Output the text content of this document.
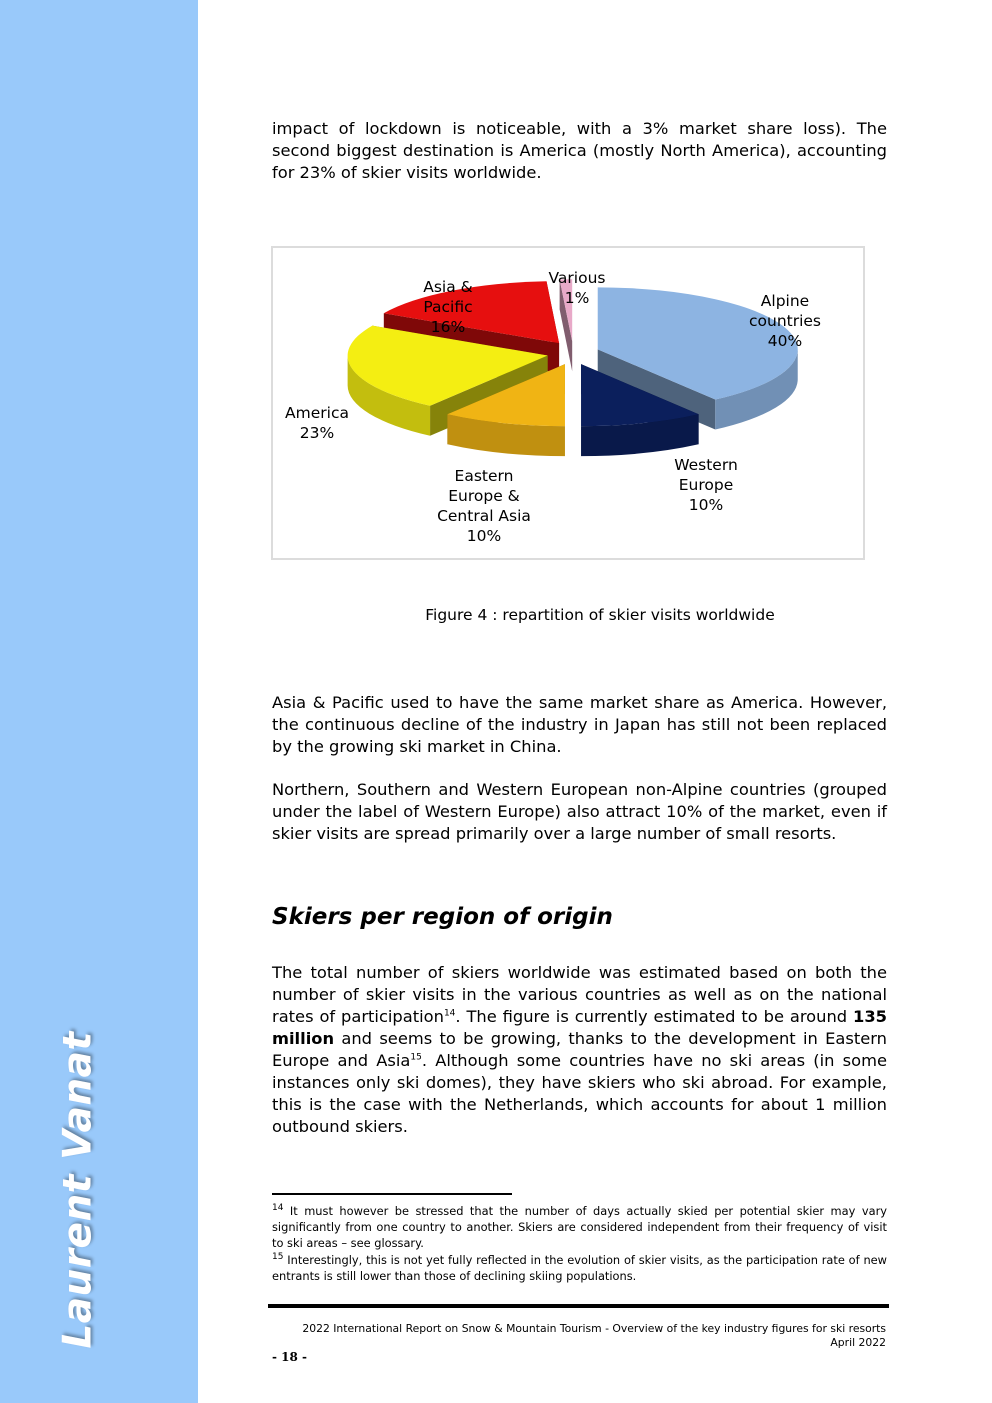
Laurent Vanat

impact of lockdown is noticeable, with a 3% market share loss). The second biggest destination is America (mostly North America), accounting for 23% of skier visits worldwide.

Alpine countries 40%
Western Europe 10%
Eastern Europe & Central Asia 10%
America 23%
Asia & Pacific 16%
Various 1%
Figure 4 : repartition of skier visits worldwide

Asia & Pacific used to have the same market share as America. However, the continuous decline of the industry in Japan has still not been replaced by the growing ski market in China.

Northern, Southern and Western European non-Alpine countries (grouped under the label of Western Europe) also attract 10% of the market, even if skier visits are spread primarily over a large number of small resorts.

Skiers per region of origin

The total number of skiers worldwide was estimated based on both the number of skier visits in the various countries as well as on the national rates of participation$^{14}$. The figure is currently estimated to be around 135 million and seems to be growing, thanks to the development in Eastern Europe and Asia$^{15}$. Although some countries have no ski areas (in some instances only ski domes), they have skiers who ski abroad. For example, this is the case with the Netherlands, which accounts for about 1 million outbound skiers.

$^{14}$ It must however be stressed that the number of days actually skied per potential skier may vary significantly from one country to another. Skiers are considered independent from their frequency of visit to ski areas – see glossary.

$^{15}$ Interestingly, this is not yet fully reflected in the evolution of skier visits, as the participation rate of new entrants is still lower than those of declining skiing populations.

2022 International Report on Snow & Mountain Tourism - Overview of the key industry figures for ski resorts
April 2022
- 18 -
